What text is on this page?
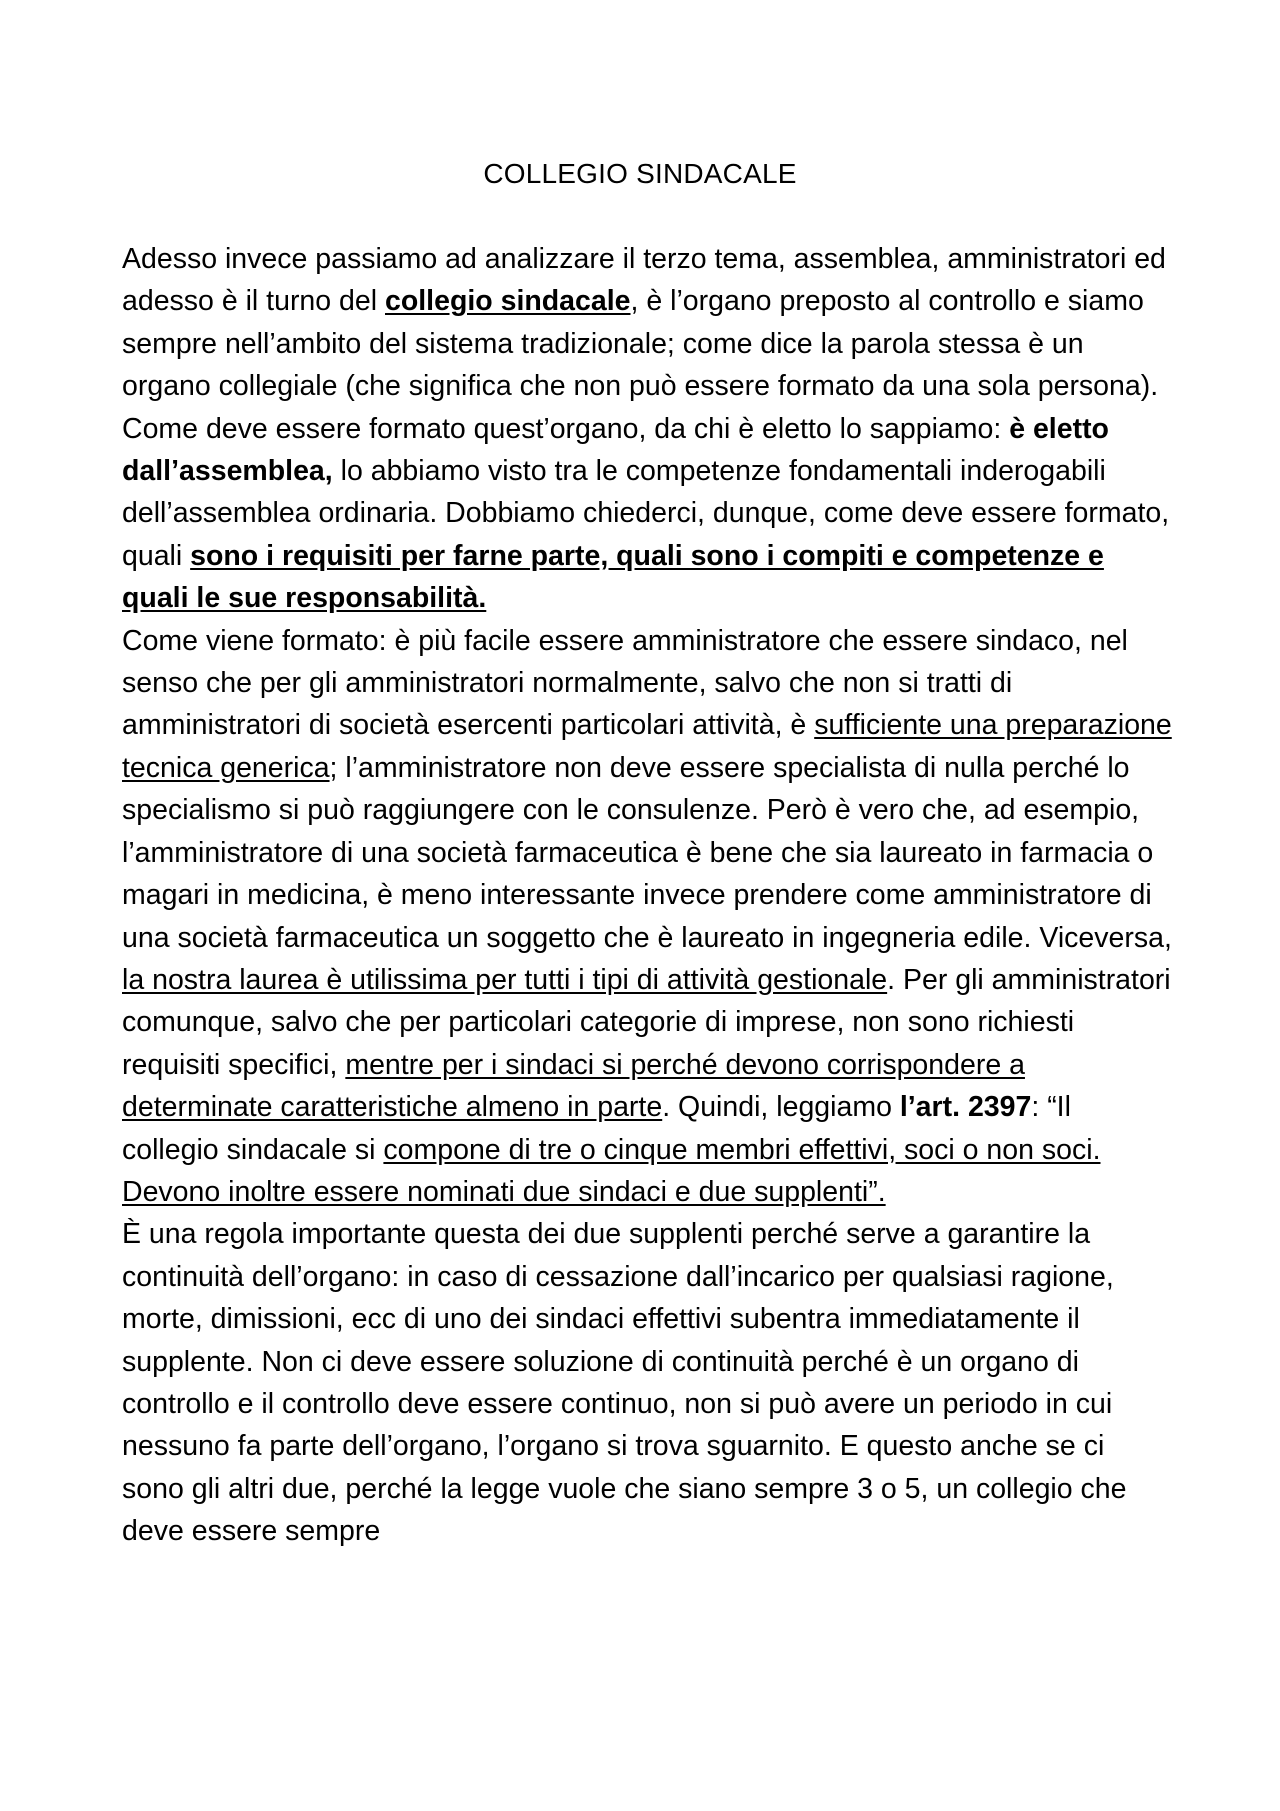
COLLEGIO SINDACALE

Adesso invece passiamo ad analizzare il terzo tema, assemblea, amministratori ed adesso è il turno del collegio sindacale, è l’organo preposto al controllo e siamo sempre nell’ambito del sistema tradizionale; come dice la parola stessa è un organo collegiale (che significa che non può essere formato da una sola persona).

Come deve essere formato quest’organo, da chi è eletto lo sappiamo: è eletto dall’assemblea, lo abbiamo visto tra le competenze fondamentali inderogabili dell’assemblea ordinaria. Dobbiamo chiederci, dunque, come deve essere formato, quali sono i requisiti per farne parte, quali sono i compiti e competenze e quali le sue responsabilità.

Come viene formato: è più facile essere amministratore che essere sindaco, nel senso che per gli amministratori normalmente, salvo che non si tratti di amministratori di società esercenti particolari attività, è sufficiente una preparazione tecnica generica; l’amministratore non deve essere specialista di nulla perché lo specialismo si può raggiungere con le consulenze. Però è vero che, ad esempio, l’amministratore di una società farmaceutica è bene che sia laureato in farmacia o magari in medicina, è meno interessante invece prendere come amministratore di una società farmaceutica un soggetto che è laureato in ingegneria edile. Viceversa, la nostra laurea è utilissima per tutti i tipi di attività gestionale. Per gli amministratori comunque, salvo che per particolari categorie di imprese, non sono richiesti requisiti specifici, mentre per i sindaci si perché devono corrispondere a determinate caratteristiche almeno in parte. Quindi, leggiamo l’art. 2397: “Il collegio sindacale si compone di tre o cinque membri effettivi, soci o non soci. Devono inoltre essere nominati due sindaci e due supplenti”.

È una regola importante questa dei due supplenti perché serve a garantire la continuità dell’organo: in caso di cessazione dall’incarico per qualsiasi ragione, morte, dimissioni, ecc di uno dei sindaci effettivi subentra immediatamente il supplente. Non ci deve essere soluzione di continuità perché è un organo di controllo e il controllo deve essere continuo, non si può avere un periodo in cui nessuno fa parte dell’organo, l’organo si trova sguarnito. E questo anche se ci sono gli altri due, perché la legge vuole che siano sempre 3 o 5, un collegio che deve essere sempre
